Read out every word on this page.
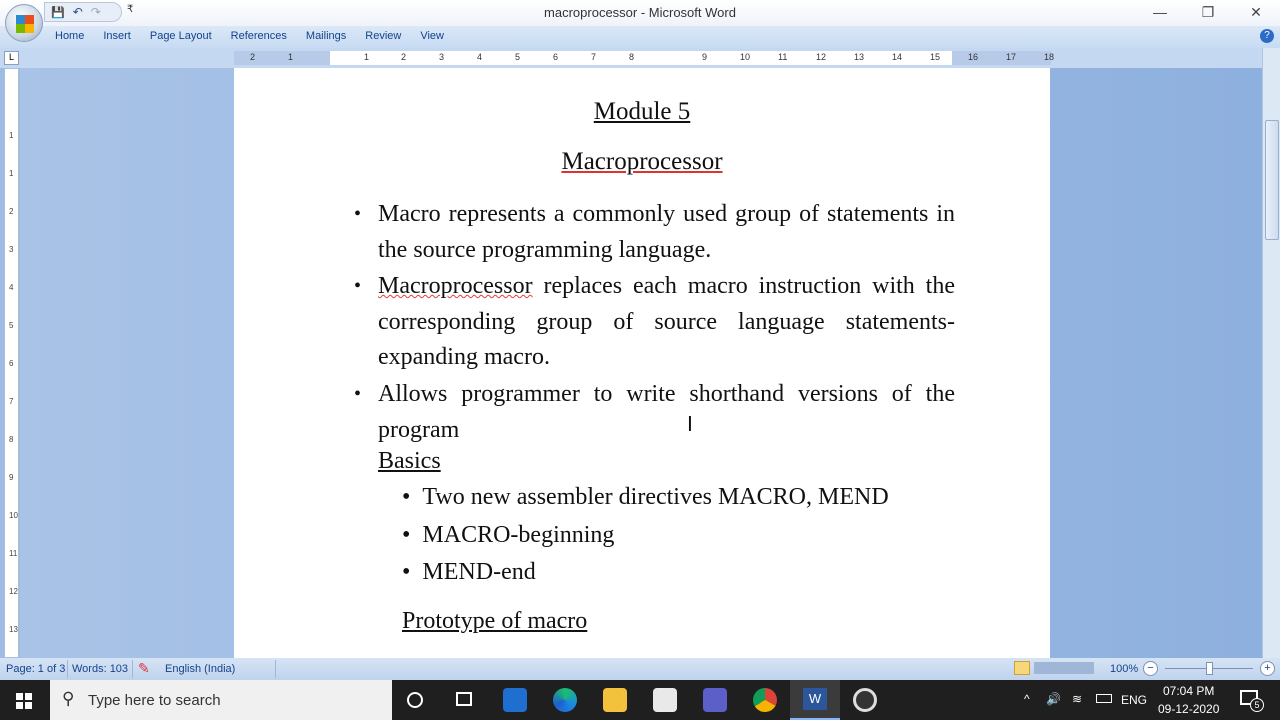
macroprocessor - Microsoft Word
💾 ↶ ↷	₹	—	❐	✕
Home Insert Page Layout References Mailings Review View	?
L	2	1	1	2	3	4	5	6	7	8	9	10	11	12	13	14	15	16	17	18
1
1
2
3
4
5
6
7
8
9
10
11
12
13
Module 5
Macroprocessor
• Macro represents a commonly used group of statements in the source programming language.
• Macroprocessor replaces each macro instruction with the corresponding group of source language statements- expanding macro.
• Allows programmer to write shorthand versions of the program
Basics
•  Two new assembler directives MACRO, MEND
•  MACRO-beginning
•  MEND-end
Prototype of macro
I
Page: 1 of 3 Words: 103 ✎ English (India)	100% −	+
⚲ Type here to search	W	^ 🔊 ≋	ENG
07:04 PM
09-12-2020	5
